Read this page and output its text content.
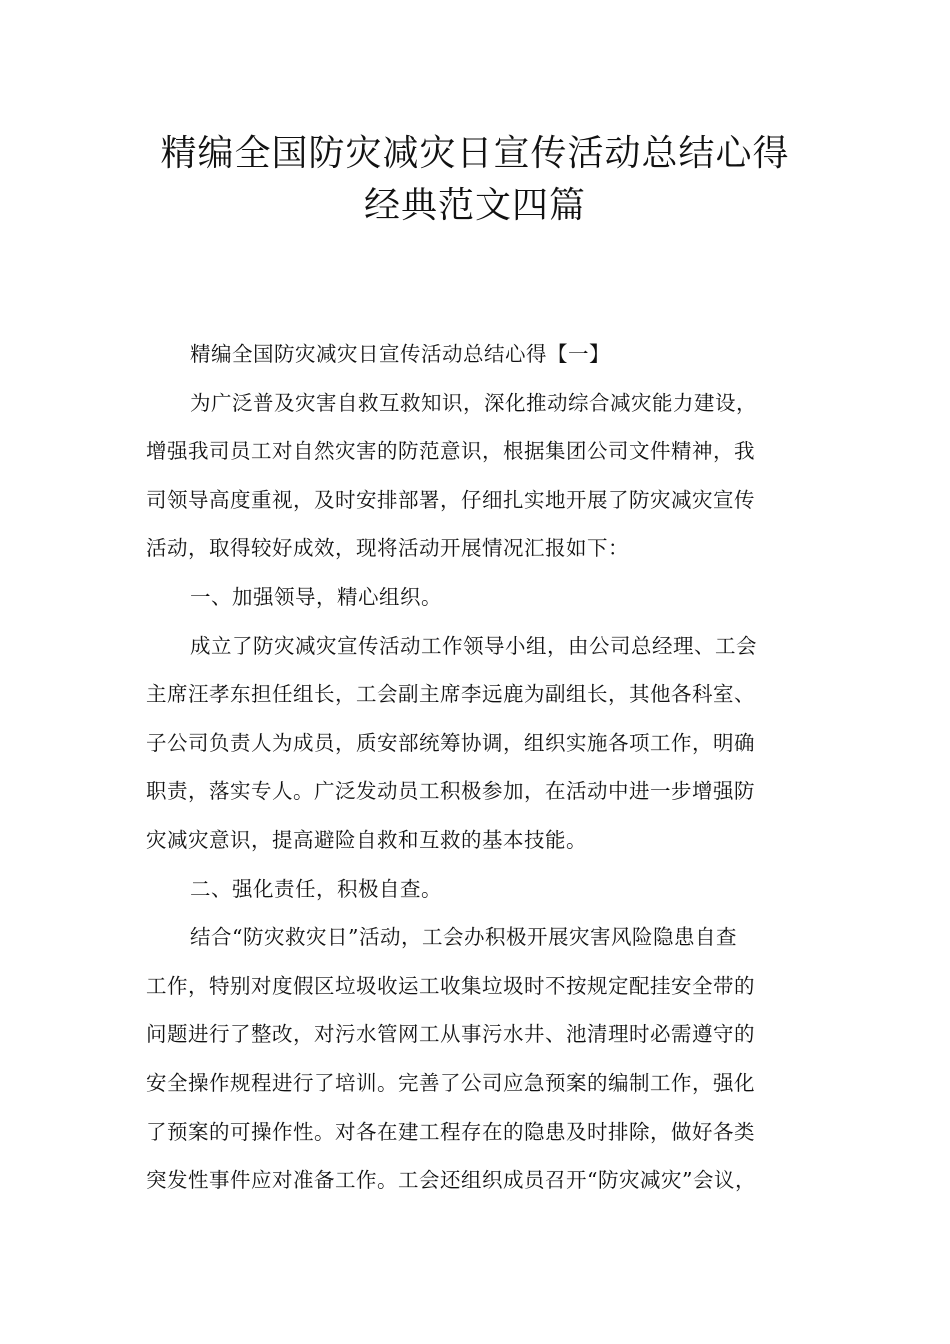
精编全国防灾减灾日宣传活动总结心得
经典范文四篇
精编全国防灾减灾日宣传活动总结心得【一】
为广泛普及灾害自救互救知识，深化推动综合减灾能力建设，
增强我司员工对自然灾害的防范意识，根据集团公司文件精神，我
司领导高度重视，及时安排部署，仔细扎实地开展了防灾减灾宣传
活动，取得较好成效，现将活动开展情况汇报如下：
一、加强领导，精心组织。
成立了防灾减灾宣传活动工作领导小组，由公司总经理、工会
主席汪孝东担任组长，工会副主席李远鹿为副组长，其他各科室、
子公司负责人为成员，质安部统筹协调，组织实施各项工作，明确
职责，落实专人。广泛发动员工积极参加，在活动中进一步增强防
灾减灾意识，提高避险自救和互救的基本技能。
二、强化责任，积极自查。
结合“防灾救灾日”活动，工会办积极开展灾害风险隐患自查
工作，特别对度假区垃圾收运工收集垃圾时不按规定配挂安全带的
问题进行了整改，对污水管网工从事污水井、池清理时必需遵守的
安全操作规程进行了培训。完善了公司应急预案的编制工作，强化
了预案的可操作性。对各在建工程存在的隐患及时排除，做好各类
突发性事件应对准备工作。工会还组织成员召开“防灾减灾”会议，
